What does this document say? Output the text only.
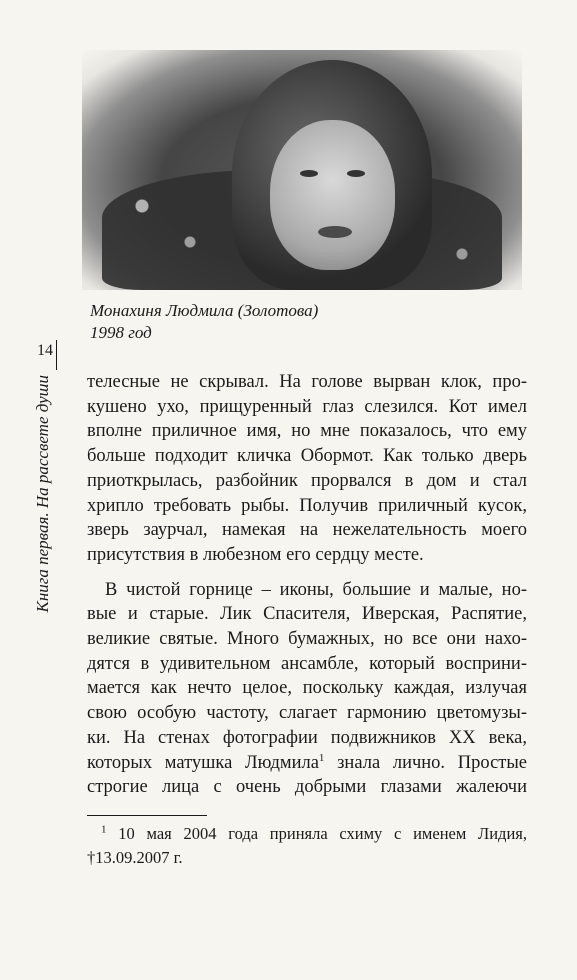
Монахиня Людмила (Золотова)
1998 год
14
Книга первая. На рассвете души телесные не скрывал. На голове вырван клок, про-
кушено ухо, прищуренный глаз слезился. Кот имел
вполне приличное имя, но мне показалось, что ему
больше подходит кличка Обормот. Как только дверь
приоткрылась, разбойник прорвался в дом и стал
хрипло требовать рыбы. Получив приличный кусок,
зверь заурчал, намекая на нежелательность моего
присутствия в любезном его сердцу месте.
В чистой горнице – иконы, большие и малые, но-
вые и старые. Лик Спасителя, Иверская, Распятие,
великие святые. Много бумажных, но все они нахо-
дятся в удивительном ансамбле, который восприни-
мается как нечто целое, поскольку каждая, излучая
свою особую частоту, слагает гармонию цветомузы-
ки. На стенах фотографии подвижников XX века,
которых матушка Людмила$^1$ знала лично. Простые
строгие лица с очень добрыми глазами жалеючи
$^1$ 10 мая 2004 года приняла схиму с именем Лидия,
†13.09.2007 г.
